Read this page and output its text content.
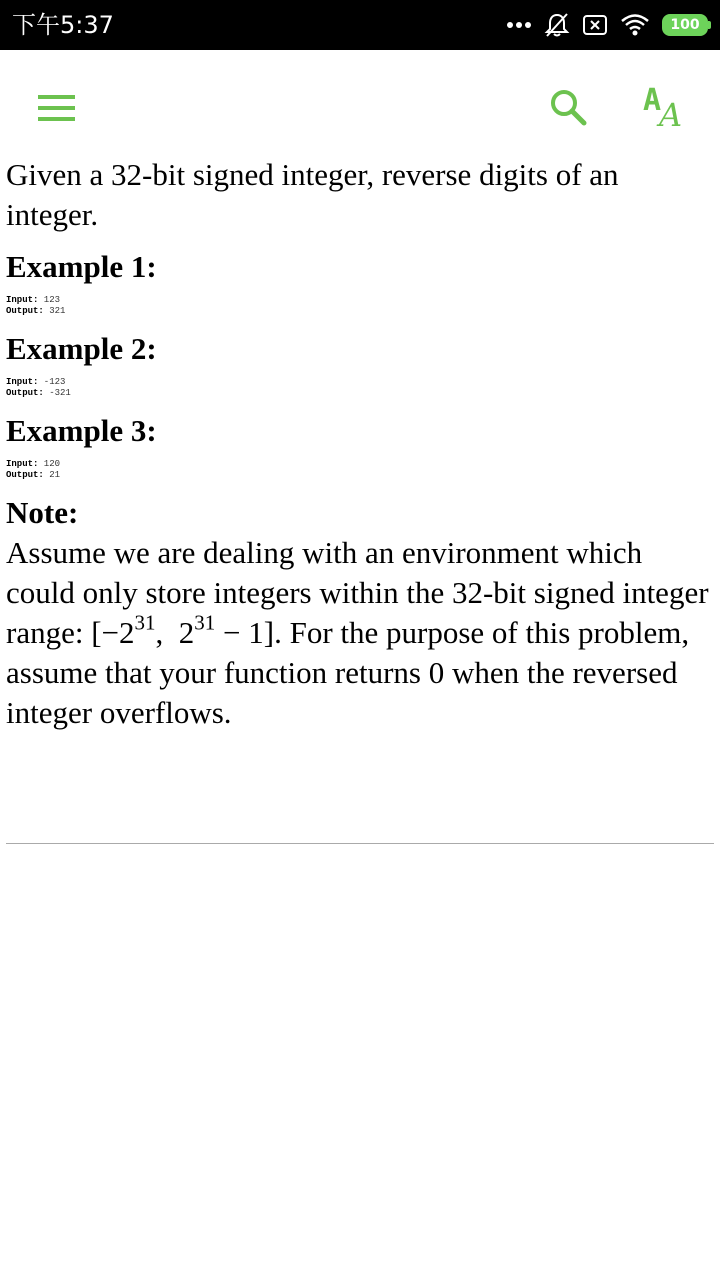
下午5:37	100
A
A

Given a 32-bit signed integer, reverse digits of an integer.

Example 1:
Input: 123
Output: 321
Example 2:
Input: -123
Output: -321
Example 3:
Input: 120
Output: 21
Note:

Assume we are dealing with an environment which could only store integers within the 32-bit signed integer range: [$-2^{31}$,  $2^{31} - 1$]. For the purpose of this problem, assume that your function returns 0 when the reversed integer overflows.
